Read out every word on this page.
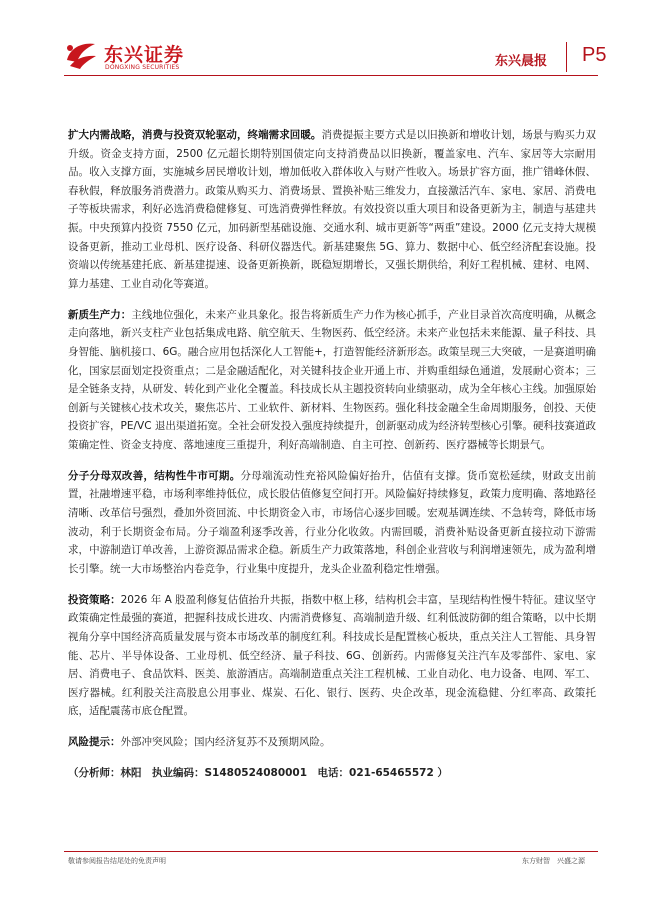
东兴证券
DONGXING SECURITIES	东兴晨报 P5

扩大内需战略，消费与投资双轮驱动，终端需求回暖。消费提振主要方式是以旧换新和增收计划，场景与购买力双升级。资金支持方面，2500 亿元超长期特别国债定向支持消费品以旧换新，覆盖家电、汽车、家居等大宗耐用品。收入支撑方面，实施城乡居民增收计划，增加低收入群体收入与财产性收入。场景扩容方面，推广错峰休假、春秋假，释放服务消费潜力。政策从购买力、消费场景、置换补贴三维发力，直接激活汽车、家电、家居、消费电子等板块需求，利好必选消费稳健修复、可选消费弹性释放。有效投资以重大项目和设备更新为主，制造与基建共振。中央预算内投资 7550 亿元，加码新型基础设施、交通水利、城市更新等“两重”建设。2000 亿元支持大规模设备更新，推动工业母机、医疗设备、科研仪器迭代。新基建聚焦 5G、算力、数据中心、低空经济配套设施。投资端以传统基建托底、新基建提速、设备更新换新，既稳短期增长，又强长期供给，利好工程机械、建材、电网、算力基建、工业自动化等赛道。

新质生产力：主线地位强化，未来产业具象化。报告将新质生产力作为核心抓手，产业目录首次高度明确，从概念走向落地，新兴支柱产业包括集成电路、航空航天、生物医药、低空经济。未来产业包括未来能源、量子科技、具身智能、脑机接口、6G。融合应用包括深化人工智能+，打造智能经济新形态。政策呈现三大突破，一是赛道明确化，国家层面划定投资重点；二是金融适配化，对关键科技企业开通上市、并购重组绿色通道，发展耐心资本；三是全链条支持，从研发、转化到产业化全覆盖。科技成长从主题投资转向业绩驱动，成为全年核心主线。加强原始创新与关键核心技术攻关，聚焦芯片、工业软件、新材料、生物医药。强化科技金融全生命周期服务，创投、天使投资扩容，PE/VC 退出渠道拓宽。全社会研发投入强度持续提升，创新驱动成为经济转型核心引擎。硬科技赛道政策确定性、资金支持度、落地速度三重提升，利好高端制造、自主可控、创新药、医疗器械等长期景气。

分子分母双改善，结构性牛市可期。分母端流动性充裕风险偏好抬升，估值有支撑。货币宽松延续，财政支出前置，社融增速平稳，市场利率维持低位，成长股估值修复空间打开。风险偏好持续修复，政策力度明确、落地路径清晰、改革信号强烈，叠加外资回流、中长期资金入市，市场信心逐步回暖。宏观基调连续、不急转弯，降低市场波动，利于长期资金布局。分子端盈利逐季改善，行业分化收敛。内需回暖，消费补贴设备更新直接拉动下游需求，中游制造订单改善，上游资源品需求企稳。新质生产力政策落地，科创企业营收与利润增速领先，成为盈利增长引擎。统一大市场整治内卷竞争，行业集中度提升，龙头企业盈利稳定性增强。

投资策略：2026 年 A 股盈利修复估值抬升共振，指数中枢上移，结构机会丰富，呈现结构性慢牛特征。建议坚守政策确定性最强的赛道，把握科技成长进攻、内需消费修复、高端制造升级、红利低波防御的组合策略，以中长期视角分享中国经济高质量发展与资本市场改革的制度红利。科技成长是配置核心板块，重点关注人工智能、具身智能、芯片、半导体设备、工业母机、低空经济、量子科技、6G、创新药。内需修复关注汽车及零部件、家电、家居、消费电子、食品饮料、医美、旅游酒店。高端制造重点关注工程机械、工业自动化、电力设备、电网、军工、医疗器械。红利股关注高股息公用事业、煤炭、石化、银行、医药、央企改革，现金流稳健、分红率高、政策托底，适配震荡市底仓配置。

风险提示：外部冲突风险；国内经济复苏不及预期风险。

（分析师：林阳　执业编码：S1480524080001　电话：021-65465572 ）

敬请参阅报告结尾处的免责声明	东方财智　兴盛之源
